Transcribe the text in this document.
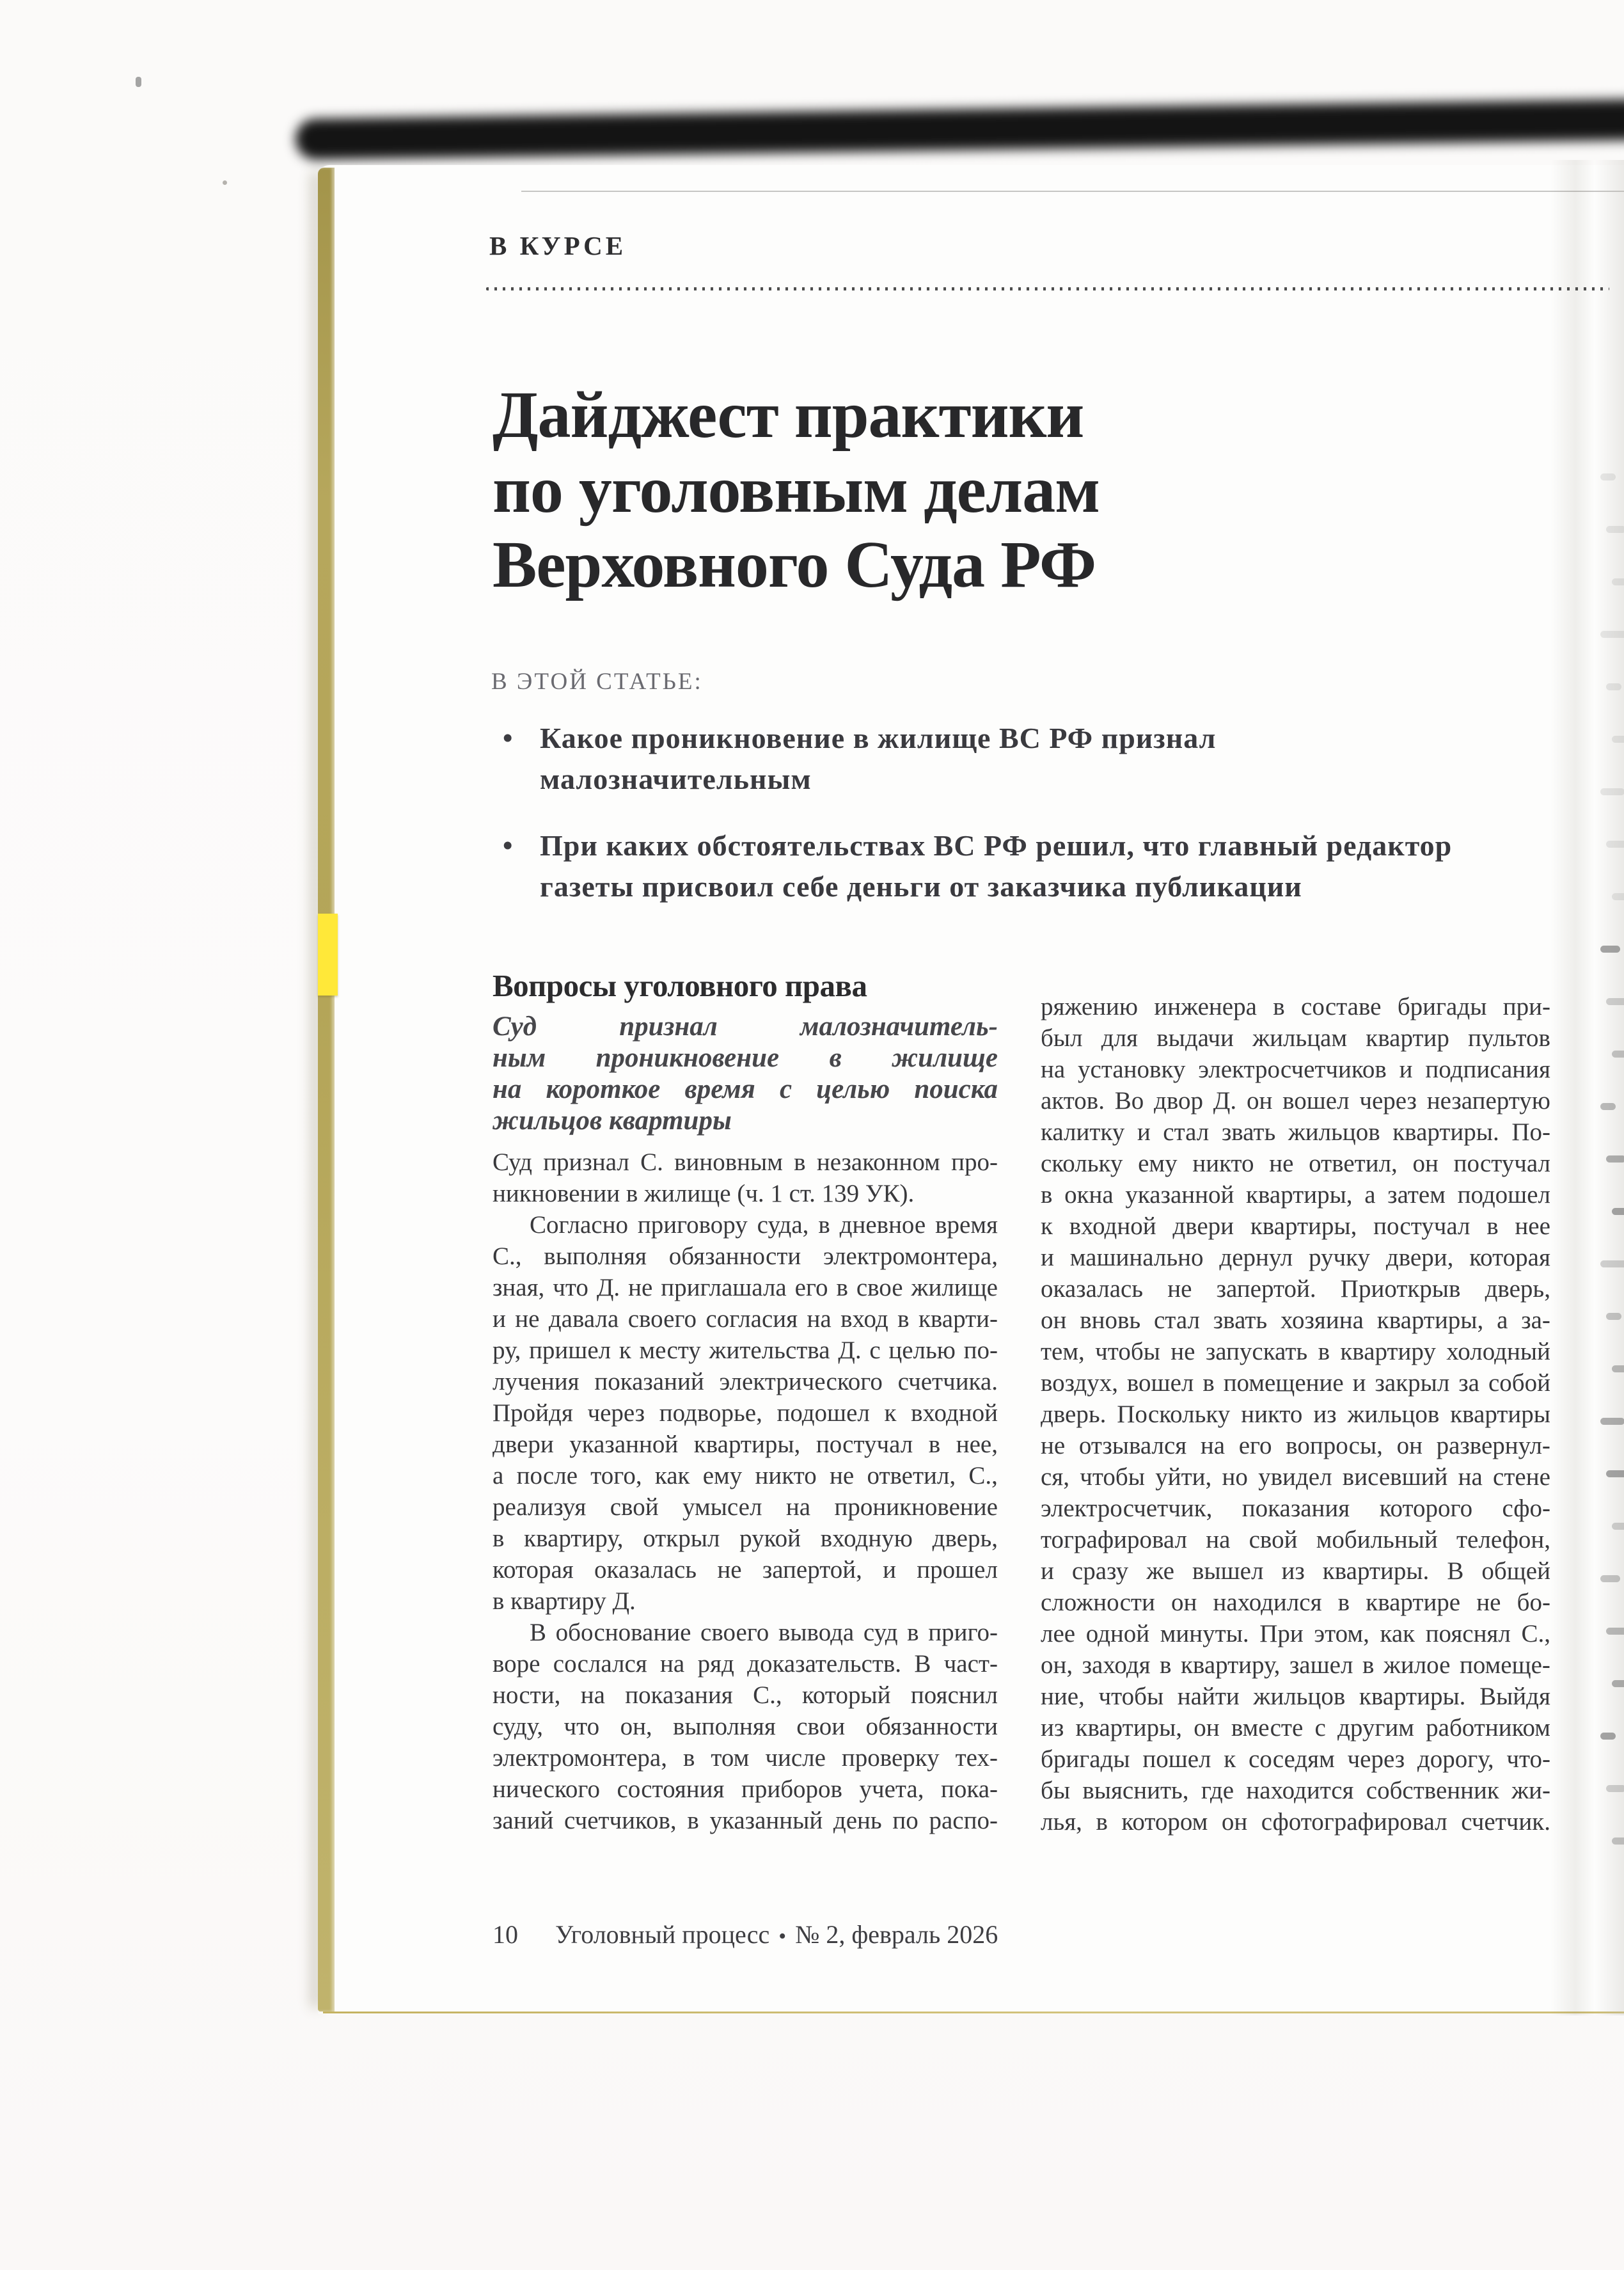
В КУРСЕ
Дайджест практики
по уголовным делам
Верховного Суда РФ
В ЭТОЙ СТАТЬЕ:
• Какое проникновение в жилище ВС РФ признал
малозначительным
• При каких обстоятельствах ВС РФ решил, что главный редактор
газеты присвоил себе деньги от заказчика публикации
Вопросы уголовного права
Суд	признал	малозначитель-
ным проникновение в жилище
на короткое время с целью поиска
жильцов квартиры
Суд признал С. виновным в незаконном про-
никновении в жилище (ч. 1 ст. 139 УК).
Согласно приговору суда, в дневное время
С., выполняя обязанности электромонтера,
зная, что Д. не приглашала его в свое жилище
и не давала своего согласия на вход в кварти-
ру, пришел к месту жительства Д. с целью по-
лучения показаний электрического счетчика.
Пройдя через подворье, подошел к входной
двери указанной квартиры, постучал в нее,
а после того, как ему никто не ответил, С.,
реализуя свой умысел на проникновение
в квартиру, открыл рукой входную дверь,
которая оказалась не запертой, и прошел
в квартиру Д.
В обоснование своего вывода суд в приго-
воре сослался на ряд доказательств. В част-
ности, на показания С., который пояснил
суду, что он, выполняя свои обязанности
электромонтера, в том числе проверку тех-
нического состояния приборов учета, пока-
заний счетчиков, в указанный день по распо-
ряжению инженера в составе бригады при-
был для выдачи жильцам квартир пультов
на установку электросчетчиков и подписания
актов. Во двор Д. он вошел через незапертую
калитку и стал звать жильцов квартиры. По-
скольку ему никто не ответил, он постучал
в окна указанной квартиры, а затем подошел
к входной двери квартиры, постучал в нее
и машинально дернул ручку двери, которая
оказалась не запертой. Приоткрыв дверь,
он вновь стал звать хозяина квартиры, а за-
тем, чтобы не запускать в квартиру холодный
воздух, вошел в помещение и закрыл за собой
дверь. Поскольку никто из жильцов квартиры
не отзывался на его вопросы, он развернул-
ся, чтобы уйти, но увидел висевший на стене
электросчетчик, показания которого сфо-
тографировал на свой мобильный телефон,
и сразу же вышел из квартиры. В общей
сложности он находился в квартире не бо-
лее одной минуты. При этом, как пояснял С.,
он, заходя в квартиру, зашел в жилое помеще-
ние, чтобы найти жильцов квартиры. Выйдя
из квартиры, он вместе с другим работником
бригады пошел к соседям через дорогу, что-
бы выяснить, где находится собственник жи-
лья, в котором он сфотографировал счетчик.
10 Уголовный процесс • № 2, февраль 2026
